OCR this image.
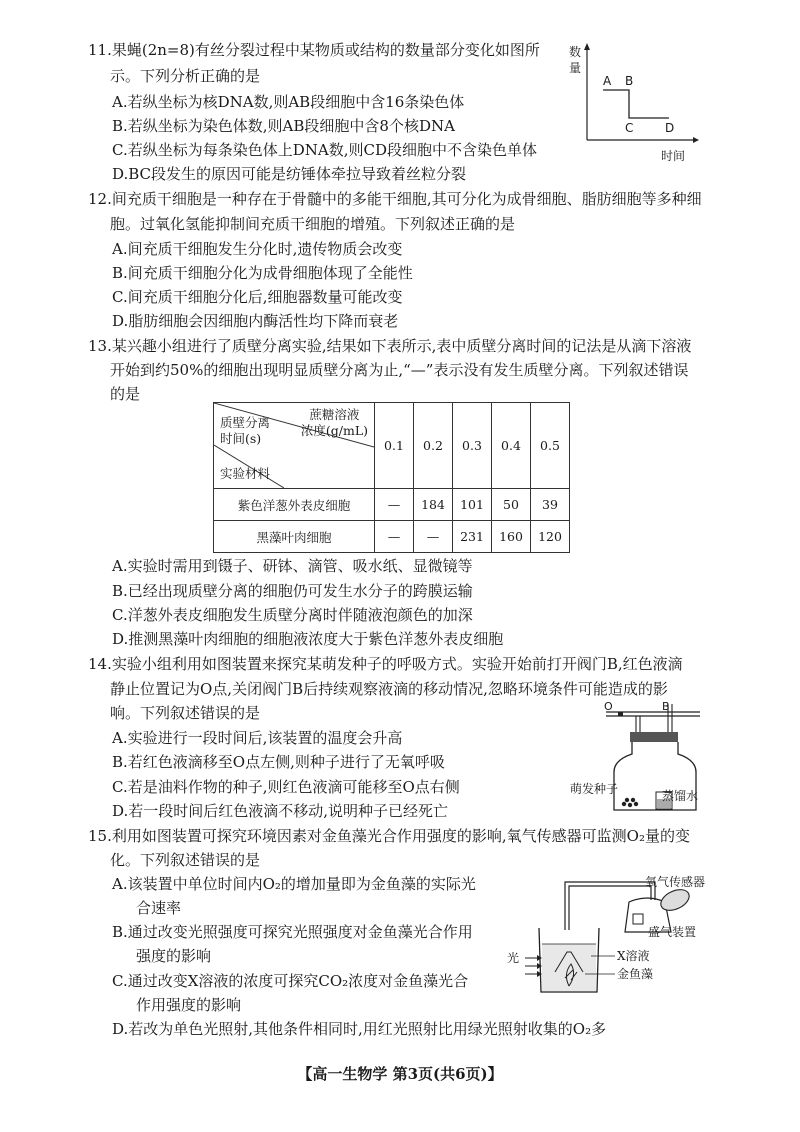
11.果蝇(2n=8)有丝分裂过程中某物质或结构的数量部分变化如图所
示。下列分析正确的是
A.若纵坐标为核DNA数,则AB段细胞中含16条染色体
B.若纵坐标为染色体数,则AB段细胞中含8个核DNA
C.若纵坐标为每条染色体上DNA数,则CD段细胞中不含染色单体
D.BC段发生的原因可能是纺锤体牵拉导致着丝粒分裂
数
量
A B
C	D
时间
12.间充质干细胞是一种存在于骨髓中的多能干细胞,其可分化为成骨细胞、脂肪细胞等多种细
胞。过氧化氢能抑制间充质干细胞的增殖。下列叙述正确的是
A.间充质干细胞发生分化时,遗传物质会改变
B.间充质干细胞分化为成骨细胞体现了全能性
C.间充质干细胞分化后,细胞器数量可能改变
D.脂肪细胞会因细胞内酶活性均下降而衰老
13.某兴趣小组进行了质壁分离实验,结果如下表所示,表中质壁分离时间的记法是从滴下溶液
开始到约50%的细胞出现明显质壁分离为止,“—”表示没有发生质壁分离。下列叙述错误
的是
蔗糖溶液
浓度(g/mL)
质壁分离
时间(s)
实验材料	0.1	0.2	0.3	0.4	0.5
紫色洋葱外表皮细胞	—	184	101	50	39
黑藻叶肉细胞	—	—	231	160	120
A.实验时需用到镊子、研钵、滴管、吸水纸、显微镜等
B.已经出现质壁分离的细胞仍可发生水分子的跨膜运输
C.洋葱外表皮细胞发生质壁分离时伴随液泡颜色的加深
D.推测黑藻叶肉细胞的细胞液浓度大于紫色洋葱外表皮细胞
14.实验小组利用如图装置来探究某萌发种子的呼吸方式。实验开始前打开阀门B,红色液滴
静止位置记为O点,关闭阀门B后持续观察液滴的移动情况,忽略环境条件可能造成的影
响。下列叙述错误的是
A.实验进行一段时间后,该装置的温度会升高
B.若红色液滴移至O点左侧,则种子进行了无氧呼吸
C.若是油料作物的种子,则红色液滴可能移至O点右侧
D.若一段时间后红色液滴不移动,说明种子已经死亡
O	B
萌发种子	蒸馏水
15.利用如图装置可探究环境因素对金鱼藻光合作用强度的影响,氧气传感器可监测O₂量的变
化。下列叙述错误的是
A.该装置中单位时间内O₂的增加量即为金鱼藻的实际光
合速率
B.通过改变光照强度可探究光照强度对金鱼藻光合作用
强度的影响
C.通过改变X溶液的浓度可探究CO₂浓度对金鱼藻光合
作用强度的影响
D.若改为单色光照射,其他条件相同时,用红光照射比用绿光照射收集的O₂多
氧气传感器
盛气装置
光	X溶液
金鱼藻
【高一生物学 第3页(共6页)】
